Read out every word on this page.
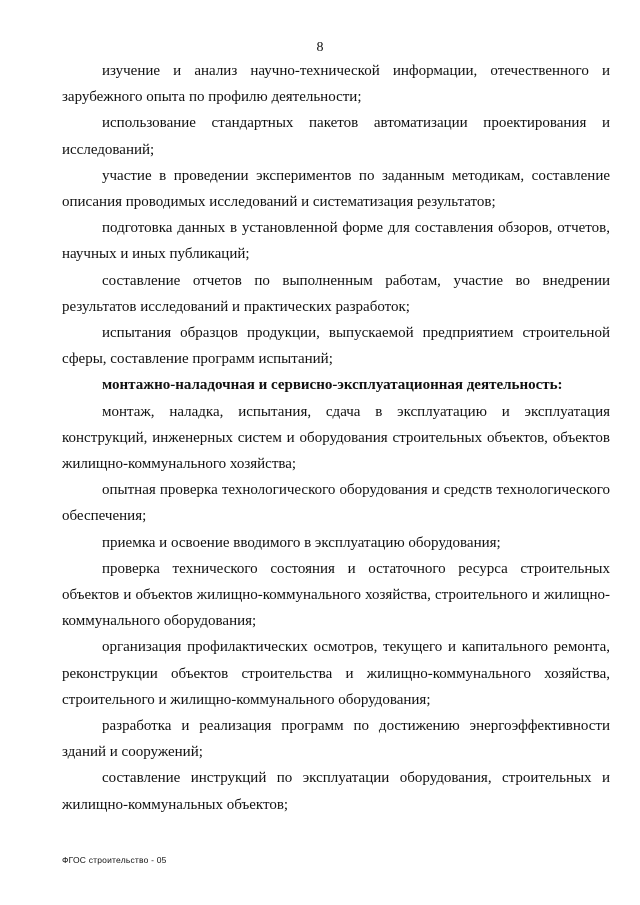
8

изучение и анализ научно-технической информации, отечественного и зарубежного опыта по профилю деятельности;

использование стандартных пакетов автоматизации проектирования и исследований;

участие в проведении экспериментов по заданным методикам, составление описания проводимых исследований и систематизация результатов;

подготовка данных в установленной форме для составления обзоров, отчетов, научных и иных публикаций;

составление отчетов по выполненным работам, участие во внедрении результатов исследований и практических разработок;

испытания образцов продукции, выпускаемой предприятием строительной сферы, составление программ испытаний;

монтажно-наладочная и сервисно-эксплуатационная деятельность:

монтаж, наладка, испытания, сдача в эксплуатацию и эксплуатация конструкций, инженерных систем и оборудования строительных объектов, объектов жилищно-коммунального хозяйства;

опытная проверка технологического оборудования и средств технологического обеспечения;

приемка и освоение вводимого в эксплуатацию оборудования;

проверка технического состояния и остаточного ресурса строительных объектов и объектов жилищно-коммунального хозяйства, строительного и жилищно-коммунального оборудования;

организация профилактических осмотров, текущего и капитального ремонта, реконструкции объектов строительства и жилищно-коммунального хозяйства, строительного и жилищно-коммунального оборудования;

разработка и реализация программ по достижению энергоэффективности зданий и сооружений;

составление инструкций по эксплуатации оборудования, строительных и жилищно-коммунальных объектов;

ФГОС строительство - 05
